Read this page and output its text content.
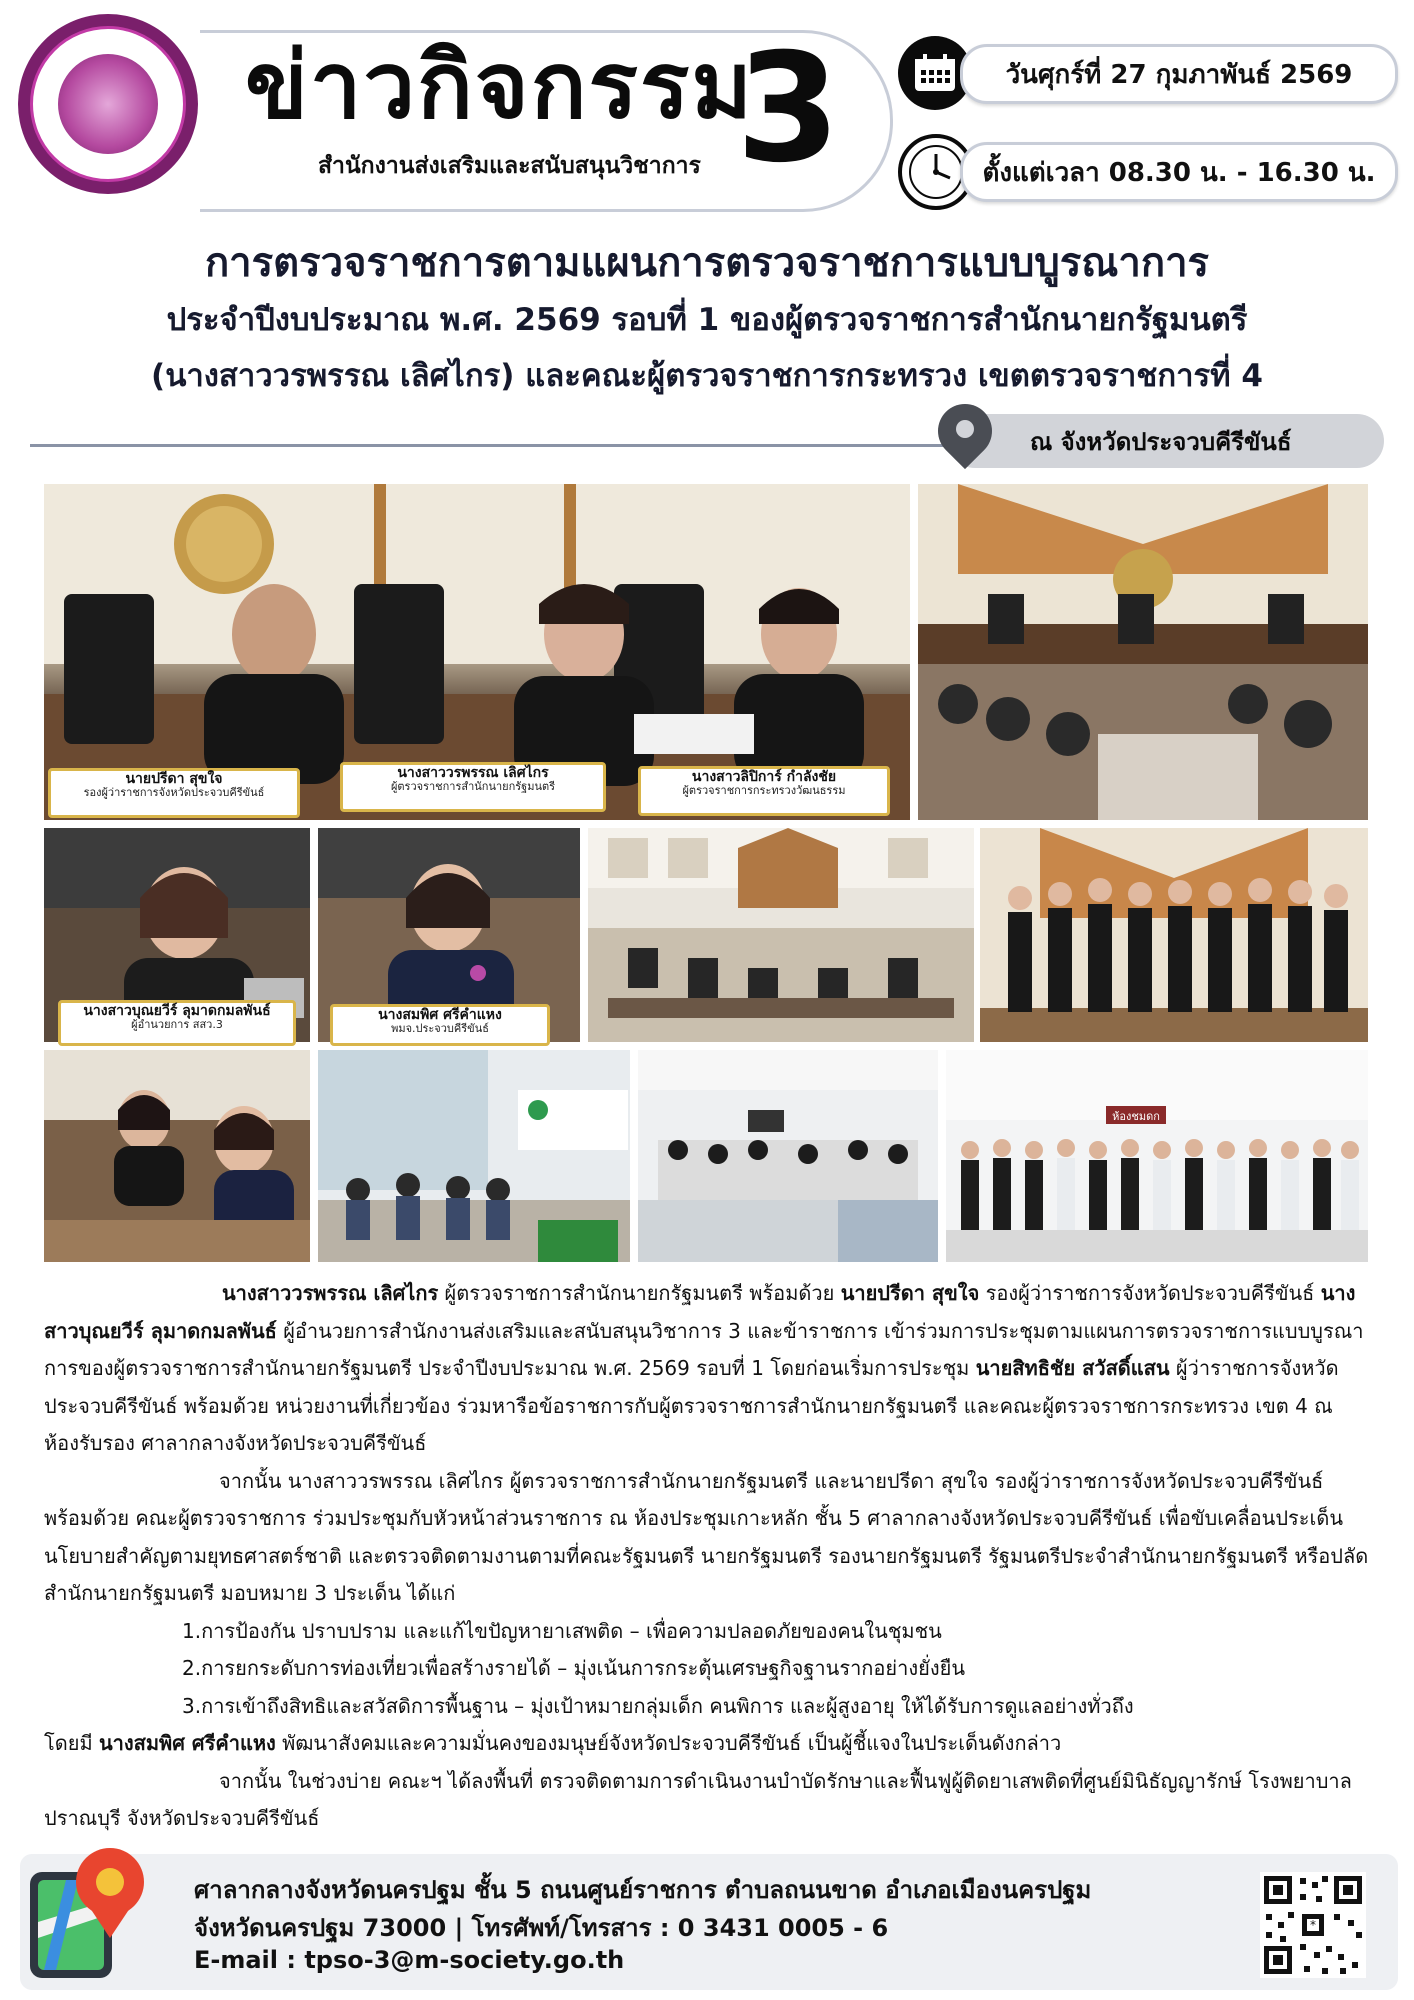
ข่าวกิจกรรม
3
สำนักงานส่งเสริมและสนับสนุนวิชาการ
วันศุกร์ที่ 27 กุมภาพันธ์ 2569
ตั้งแต่เวลา 08.30 น. - 16.30 น.
การตรวจราชการตามแผนการตรวจราชการแบบบูรณาการ
ประจำปีงบประมาณ พ.ศ. 2569 รอบที่ 1 ของผู้ตรวจราชการสำนักนายกรัฐมนตรี
(นางสาววรพรรณ เลิศไกร) และคณะผู้ตรวจราชการกระทรวง เขตตรวจราชการที่ 4
ณ จังหวัดประจวบคีรีขันธ์
นายปรีดา สุขใจ
รองผู้ว่าราชการจังหวัดประจวบคีรีขันธ์
นางสาววรพรรณ เลิศไกร
ผู้ตรวจราชการสำนักนายกรัฐมนตรี
นางสาวลิปิการ์ กำลังชัย
ผู้ตรวจราชการกระทรวงวัฒนธรรม
นางสาวบุณยวีร์ ลุมาดกมลพันธ์
ผู้อำนวยการ สสว.3
นางสมพิศ ศรีคำแหง
พมจ.ประจวบคีรีขันธ์
ห้องชมดก

นางสาววรพรรณ เลิศไกร ผู้ตรวจราชการสำนักนายกรัฐมนตรี พร้อมด้วย นายปรีดา สุขใจ รองผู้ว่าราชการจังหวัดประจวบคีรีขันธ์ นางสาวบุณยวีร์ ลุมาดกมลพันธ์ ผู้อำนวยการสำนักงานส่งเสริมและสนับสนุนวิชาการ 3 และข้าราชการ เข้าร่วมการประชุมตามแผนการตรวจราชการแบบบูรณาการของผู้ตรวจราชการสำนักนายกรัฐมนตรี ประจำปีงบประมาณ พ.ศ. 2569 รอบที่ 1 โดยก่อนเริ่มการประชุม นายสิทธิชัย สวัสดิ์แสน ผู้ว่าราชการจังหวัดประจวบคีรีขันธ์ พร้อมด้วย หน่วยงานที่เกี่ยวข้อง ร่วมหารือข้อราชการกับผู้ตรวจราชการสำนักนายกรัฐมนตรี และคณะผู้ตรวจราชการกระทรวง เขต 4 ณ ห้องรับรอง ศาลากลางจังหวัดประจวบคีรีขันธ์

จากนั้น นางสาววรพรรณ เลิศไกร ผู้ตรวจราชการสำนักนายกรัฐมนตรี และนายปรีดา สุขใจ รองผู้ว่าราชการจังหวัดประจวบคีรีขันธ์ พร้อมด้วย คณะผู้ตรวจราชการ ร่วมประชุมกับหัวหน้าส่วนราชการ ณ ห้องประชุมเกาะหลัก ชั้น 5 ศาลากลางจังหวัดประจวบคีรีขันธ์ เพื่อขับเคลื่อนประเด็นนโยบายสำคัญตามยุทธศาสตร์ชาติ และตรวจติดตามงานตามที่คณะรัฐมนตรี นายกรัฐมนตรี รองนายกรัฐมนตรี รัฐมนตรีประจำสำนักนายกรัฐมนตรี หรือปลัดสำนักนายกรัฐมนตรี มอบหมาย 3 ประเด็น ได้แก่

1.การป้องกัน ปราบปราม และแก้ไขปัญหายาเสพติด – เพื่อความปลอดภัยของคนในชุมชน

2.การยกระดับการท่องเที่ยวเพื่อสร้างรายได้ – มุ่งเน้นการกระตุ้นเศรษฐกิจฐานรากอย่างยั่งยืน

3.การเข้าถึงสิทธิและสวัสดิการพื้นฐาน – มุ่งเป้าหมายกลุ่มเด็ก คนพิการ และผู้สูงอายุ ให้ได้รับการดูแลอย่างทั่วถึง

โดยมี นางสมพิศ ศรีคำแหง พัฒนาสังคมและความมั่นคงของมนุษย์จังหวัดประจวบคีรีขันธ์ เป็นผู้ชี้แจงในประเด็นดังกล่าว

จากนั้น ในช่วงบ่าย คณะฯ ได้ลงพื้นที่ ตรวจติดตามการดำเนินงานบำบัดรักษาและฟื้นฟูผู้ติดยาเสพติดที่ศูนย์มินิธัญญารักษ์ โรงพยาบาลปราณบุรี จังหวัดประจวบคีรีขันธ์

ศาลากลางจังหวัดนครปฐม ชั้น 5 ถนนศูนย์ราชการ ตำบลถนนขาด อำเภอเมืองนครปฐม
จังหวัดนครปฐม 73000 | โทรศัพท์/โทรสาร : 0 3431 0005 - 6
E-mail : tpso-3@m-society.go.th
*
